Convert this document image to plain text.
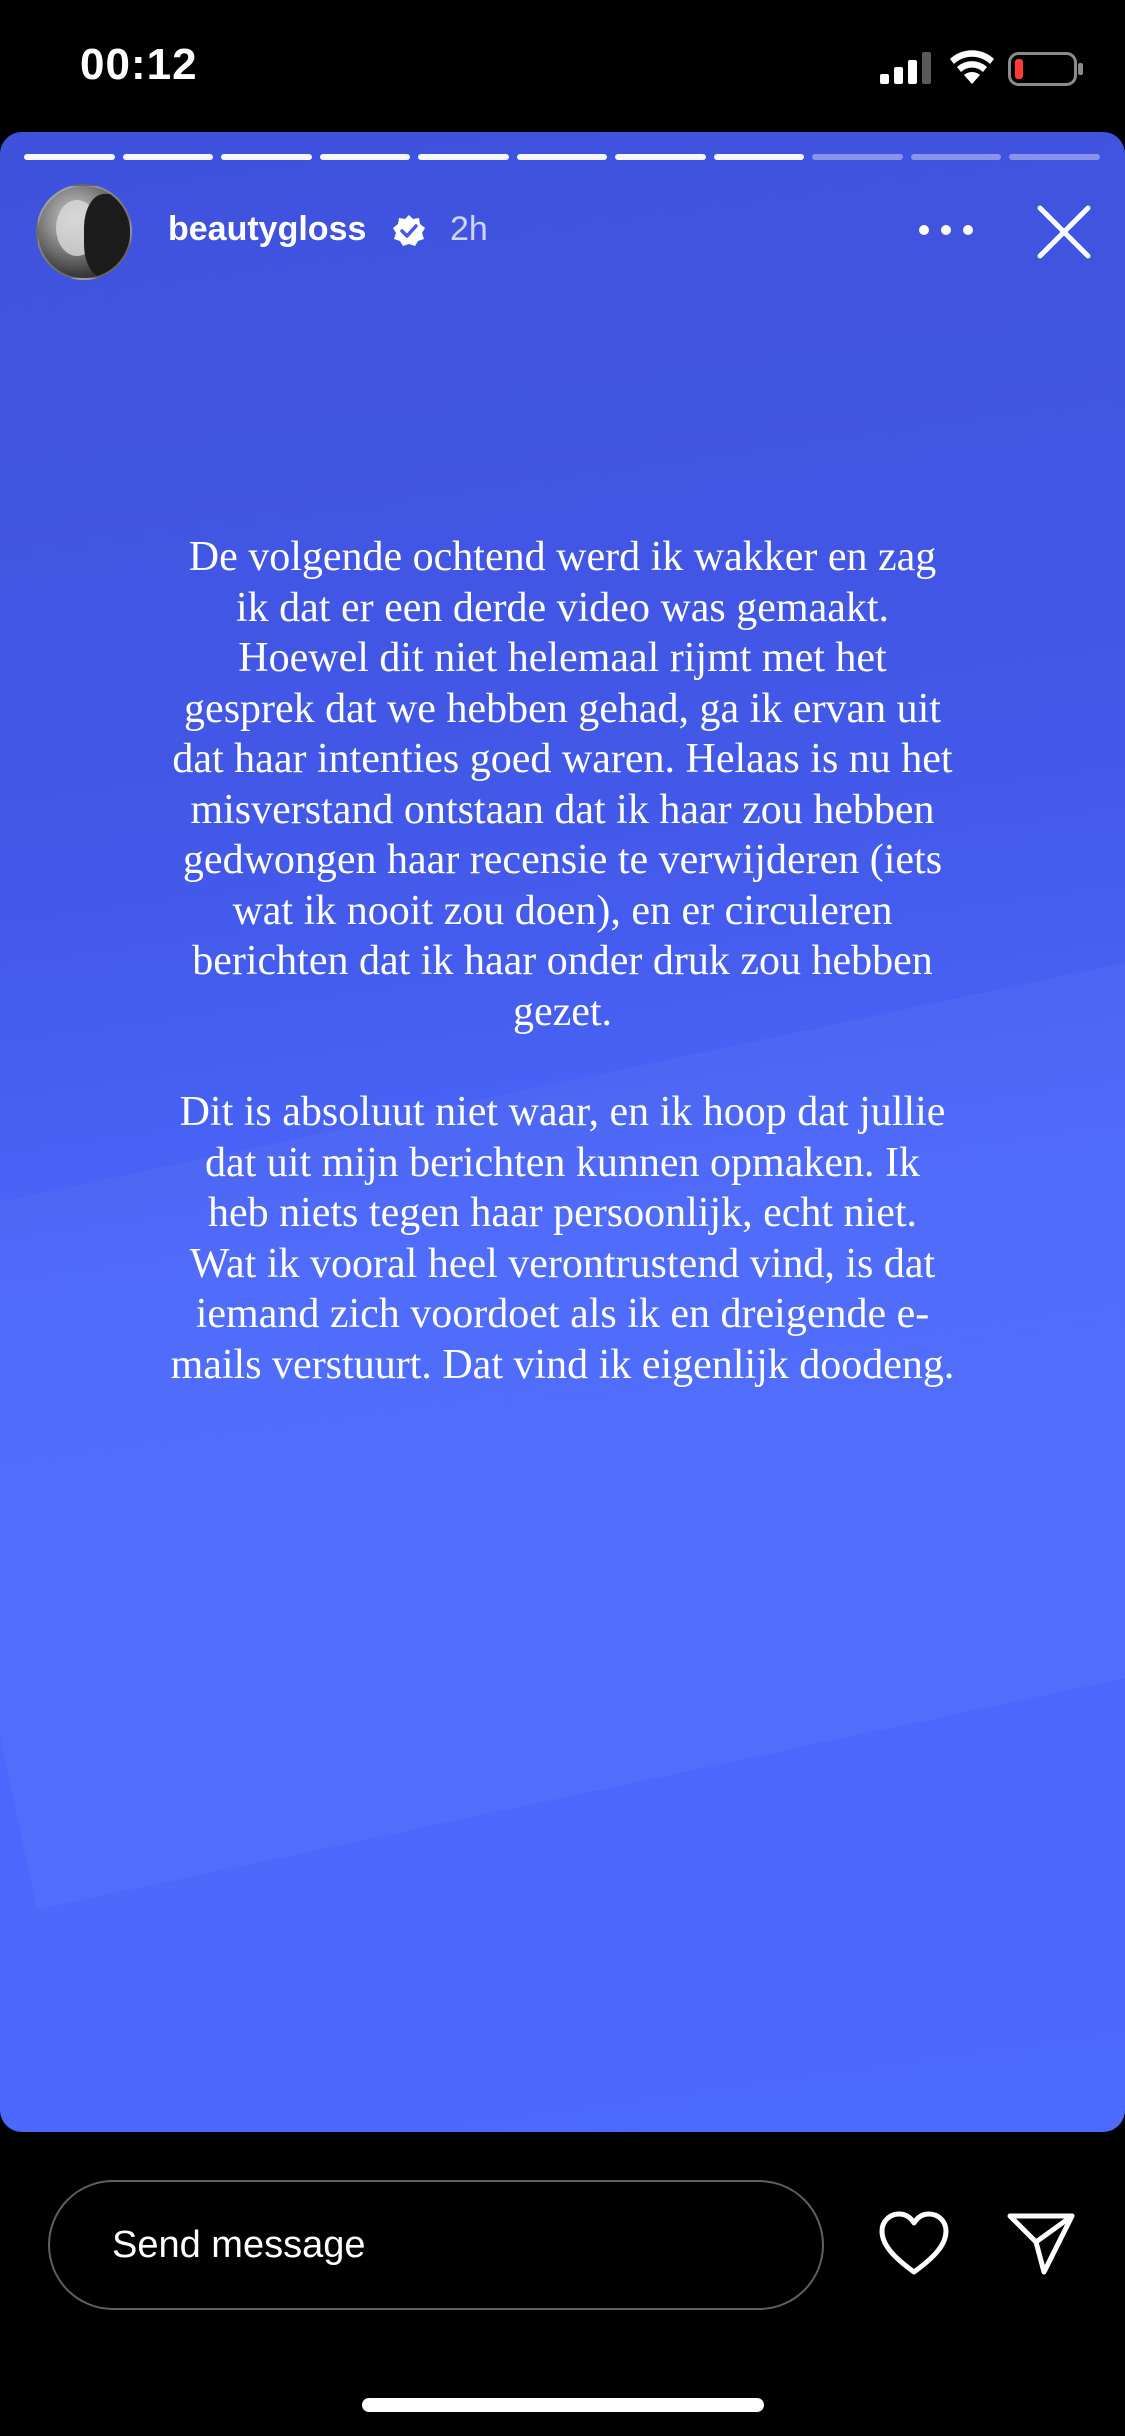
00:12
beautygloss 2h

De volgende ochtend werd ik wakker en zag ik dat er een derde video was gemaakt. Hoewel dit niet helemaal rijmt met het gesprek dat we hebben gehad, ga ik ervan uit dat haar intenties goed waren. Helaas is nu het misverstand ontstaan dat ik haar zou hebben gedwongen haar recensie te verwijderen (iets wat ik nooit zou doen), en er circuleren berichten dat ik haar onder druk zou hebben gezet.

Dit is absoluut niet waar, en ik hoop dat jullie dat uit mijn berichten kunnen opmaken. Ik heb niets tegen haar persoonlijk, echt niet. Wat ik vooral heel verontrustend vind, is dat iemand zich voordoet als ik en dreigende e-mails verstuurt. Dat vind ik eigenlijk doodeng.

Send message
